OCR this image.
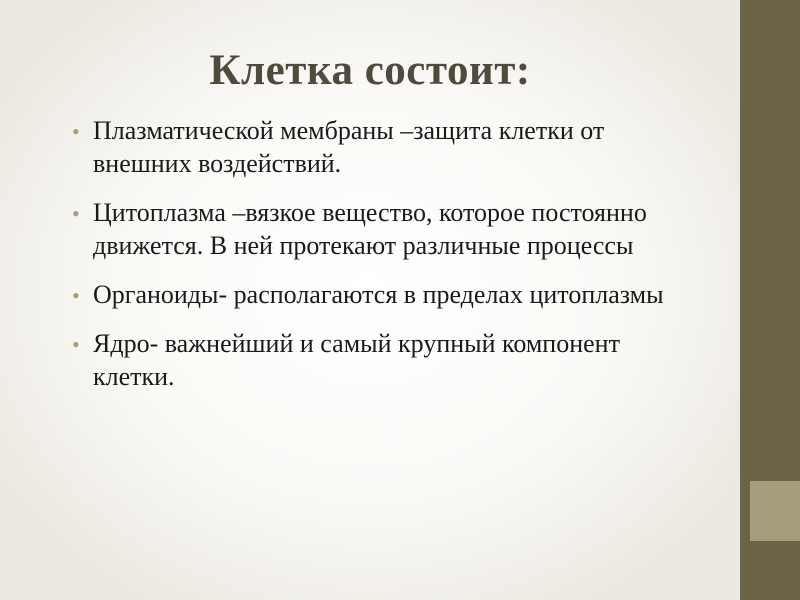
Клетка состоит:
• Плазматической мембраны –защита клетки от внешних воздействий.
• Цитоплазма –вязкое вещество, которое постоянно движется. В ней протекают различные процессы
• Органоиды- располагаются в пределах цитоплазмы
• Ядро- важнейший и самый крупный компонент клетки.
